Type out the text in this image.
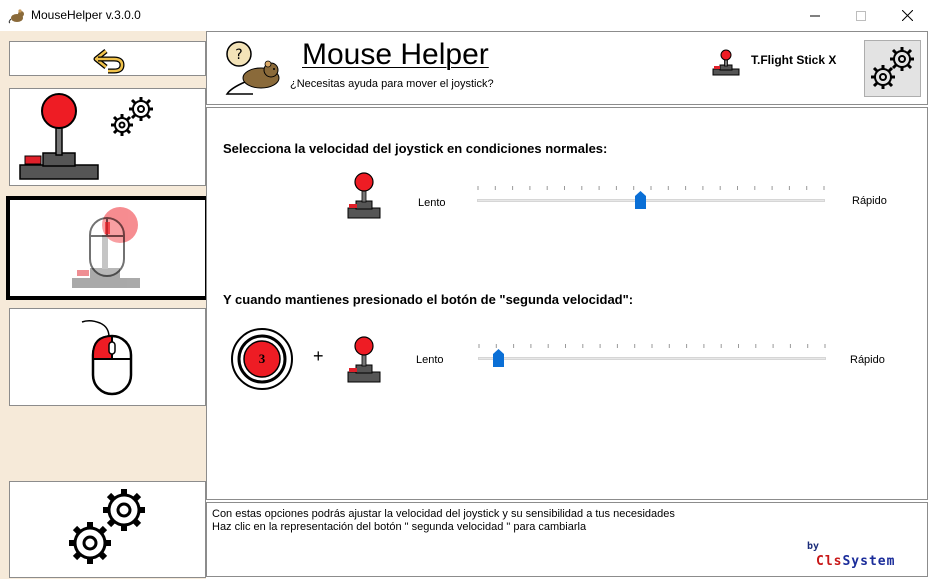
MouseHelper v.3.0.0
? Mouse Helper
¿Necesitas ayuda para mover el joystick?
T.Flight Stick X
Selecciona la velocidad del joystick en condiciones normales:
Lento	Rápido
Y cuando mantienes presionado el botón de "segunda velocidad":
3	+	Lento	Rápido
Con estas opciones podrás ajustar la velocidad del joystick y su sensibilidad a tus necesidades
Haz clic en la representación del botón " segunda velocidad " para cambiarla
by
ClsSystem
